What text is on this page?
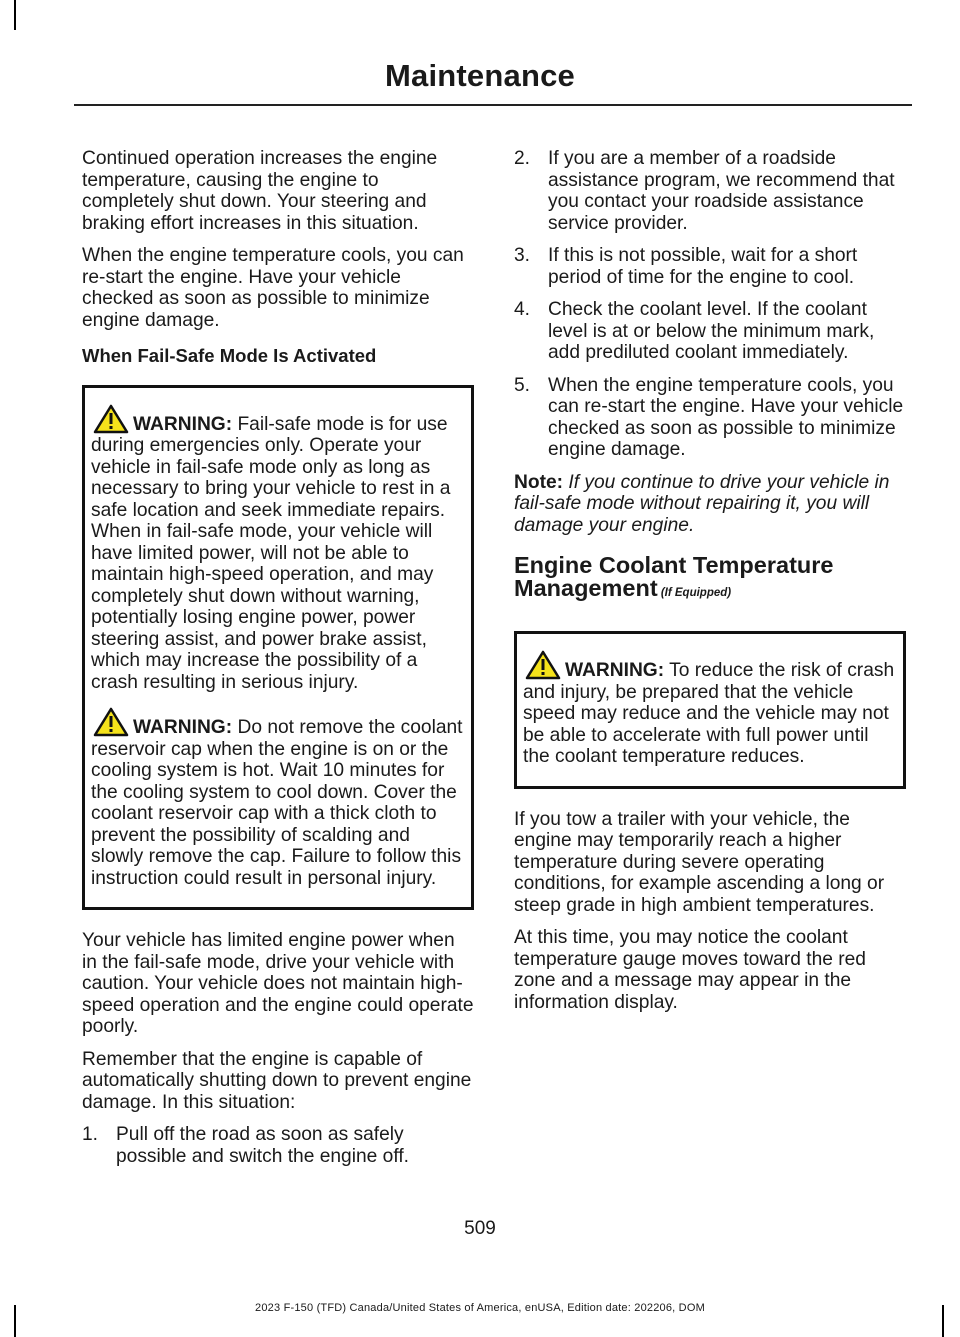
Maintenance

Continued operation increases the engine temperature, causing the engine to completely shut down. Your steering and braking effort increases in this situation.

When the engine temperature cools, you can re-start the engine. Have your vehicle checked as soon as possible to minimize engine damage.

When Fail-Safe Mode Is Activated
WARNING: Fail-safe mode is for use during emergencies only. Operate your vehicle in fail-safe mode only as long as necessary to bring your vehicle to rest in a safe location and seek immediate repairs. When in fail-safe mode, your vehicle will have limited power, will not be able to maintain high-speed operation, and may completely shut down without warning, potentially losing engine power, power steering assist, and power brake assist, which may increase the possibility of a crash resulting in serious injury.
WARNING: Do not remove the coolant reservoir cap when the engine is on or the cooling system is hot. Wait 10 minutes for the cooling system to cool down. Cover the coolant reservoir cap with a thick cloth to prevent the possibility of scalding and slowly remove the cap. Failure to follow this instruction could result in personal injury.

Your vehicle has limited engine power when in the fail-safe mode, drive your vehicle with caution. Your vehicle does not maintain high-speed operation and the engine could operate poorly.

Remember that the engine is capable of automatically shutting down to prevent engine damage. In this situation:

1. Pull off the road as soon as safely possible and switch the engine off.
2. If you are a member of a roadside assistance program, we recommend that you contact your roadside assistance service provider.
3. If this is not possible, wait for a short period of time for the engine to cool.
4. Check the coolant level. If the coolant level is at or below the minimum mark, add prediluted coolant immediately.
5. When the engine temperature cools, you can re-start the engine. Have your vehicle checked as soon as possible to minimize engine damage.

Note: If you continue to drive your vehicle in fail-safe mode without repairing it, you will damage your engine.

Engine Coolant Temperature Management (If Equipped)
WARNING: To reduce the risk of crash and injury, be prepared that the vehicle speed may reduce and the vehicle may not be able to accelerate with full power until the coolant temperature reduces.

If you tow a trailer with your vehicle, the engine may temporarily reach a higher temperature during severe operating conditions, for example ascending a long or steep grade in high ambient temperatures.

At this time, you may notice the coolant temperature gauge moves toward the red zone and a message may appear in the information display.

509
2023 F-150 (TFD) Canada/United States of America, enUSA, Edition date: 202206, DOM
